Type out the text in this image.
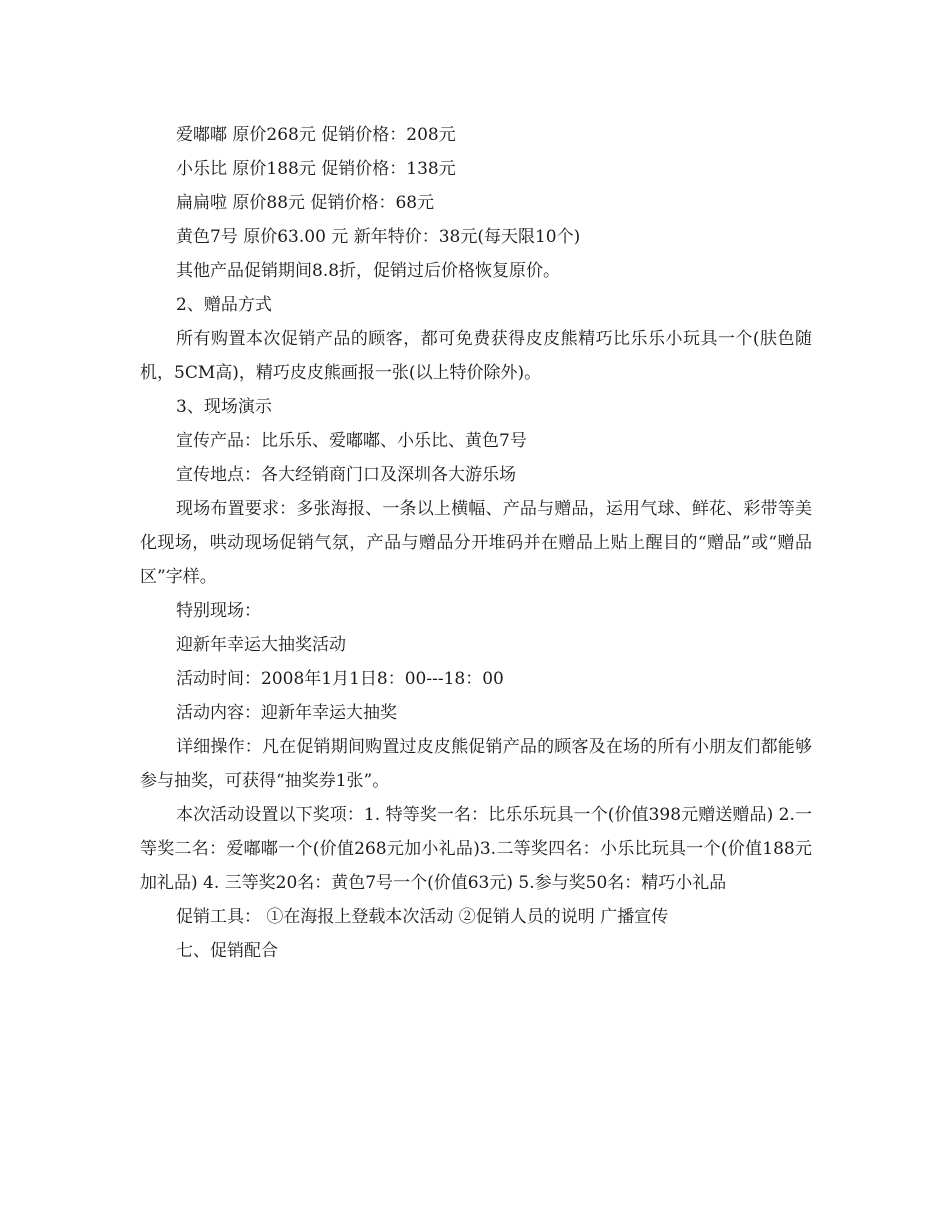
爱嘟嘟 原价268元 促销价格：208元

小乐比 原价188元 促销价格：138元

扁扁啦 原价88元 促销价格：68元

黄色7号 原价63.00 元 新年特价：38元(每天限10个)

其他产品促销期间8.8折，促销过后价格恢复原价。

2、赠品方式

所有购置本次促销产品的顾客，都可免费获得皮皮熊精巧比乐乐小玩具一个(肤色随机，5CM高)，精巧皮皮熊画报一张(以上特价除外)。

3、现场演示

宣传产品：比乐乐、爱嘟嘟、小乐比、黄色7号

宣传地点：各大经销商门口及深圳各大游乐场

现场布置要求：多张海报、一条以上横幅、产品与赠品，运用气球、鲜花、彩带等美化现场，哄动现场促销气氛，产品与赠品分开堆码并在赠品上贴上醒目的“赠品”或“赠品区”字样。

特别现场：

迎新年幸运大抽奖活动

活动时间：2008年1月1日8：00---18：00

活动内容：迎新年幸运大抽奖

详细操作：凡在促销期间购置过皮皮熊促销产品的顾客及在场的所有小朋友们都能够参与抽奖，可获得“抽奖券1张”。

本次活动设置以下奖项：1. 特等奖一名：比乐乐玩具一个(价值398元赠送赠品) 2.一等奖二名：爱嘟嘟一个(价值268元加小礼品)3.二等奖四名：小乐比玩具一个(价值188元加礼品) 4. 三等奖20名：黄色7号一个(价值63元) 5.参与奖50名：精巧小礼品

促销工具： ①在海报上登载本次活动 ②促销人员的说明 广播宣传

七、促销配合
